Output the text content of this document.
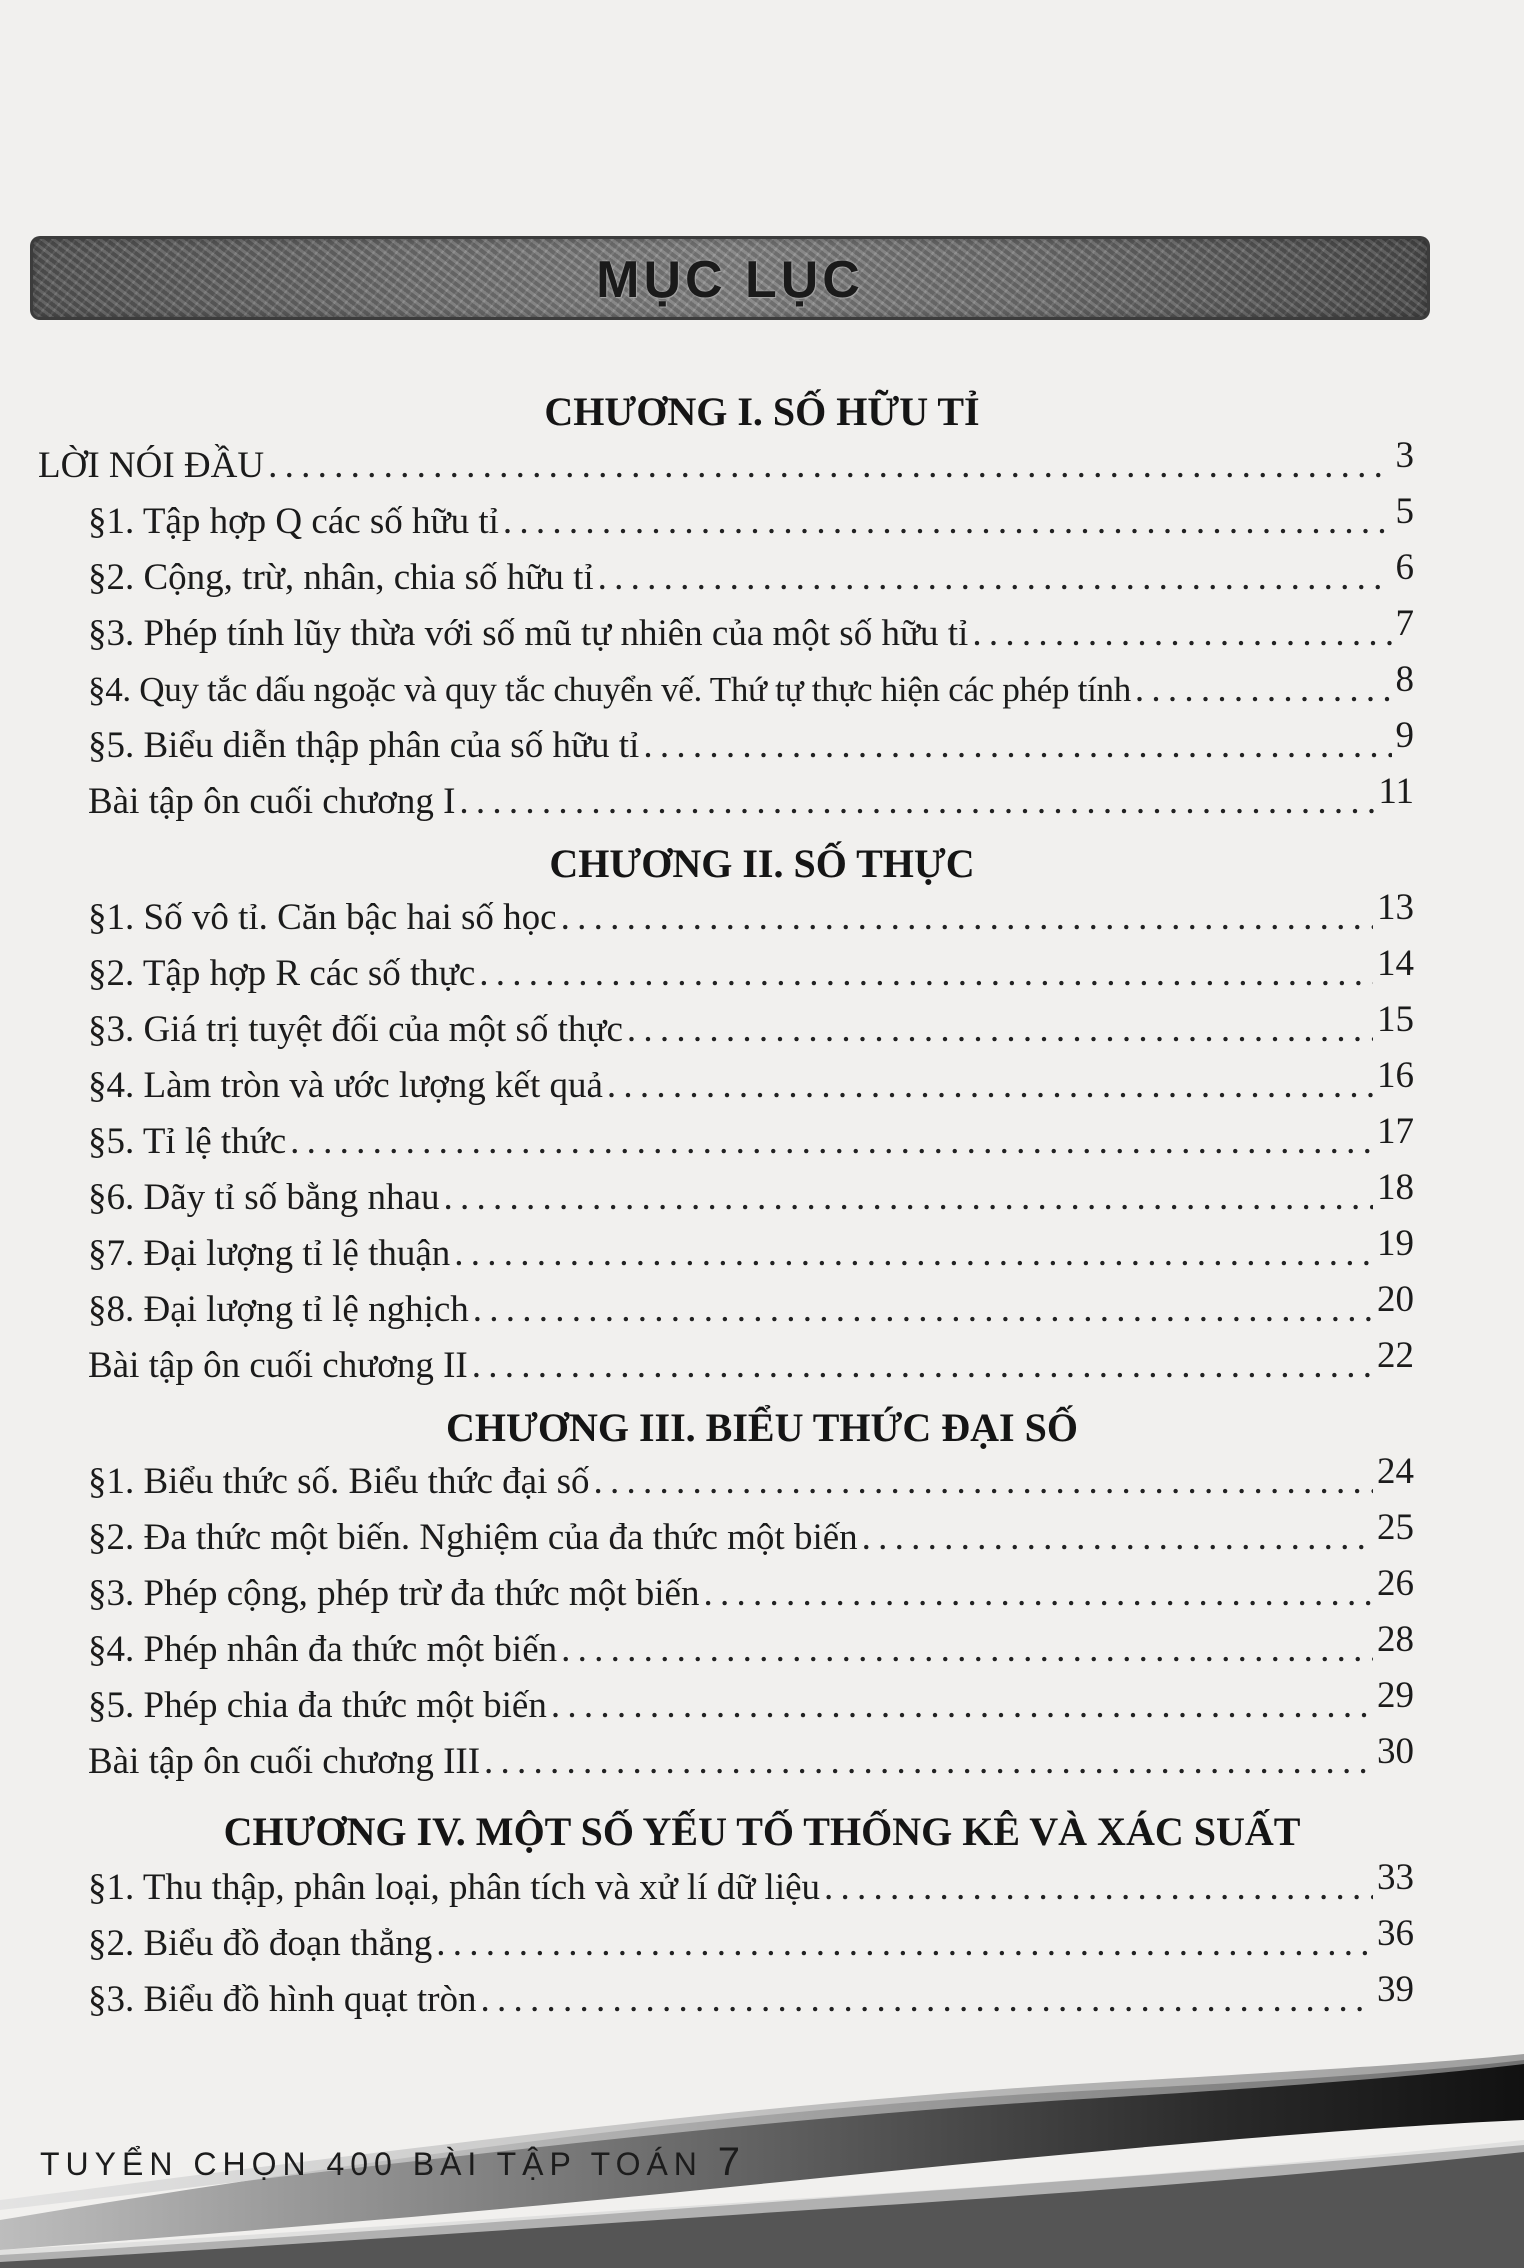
MỤC LỤC
CHƯƠNG I. SỐ HỮU TỈ
LỜI NÓI ĐẦU . . .	3
§1. Tập hợp Q các số hữu tỉ . . .	5
§2. Cộng, trừ, nhân, chia số hữu tỉ . . .	6
§3. Phép tính lũy thừa với số mũ tự nhiên của một số hữu tỉ . . .	7
§4. Quy tắc dấu ngoặc và quy tắc chuyển vế. Thứ tự thực hiện các phép tính . . .	8
§5. Biểu diễn thập phân của số hữu tỉ . . .	9
Bài tập ôn cuối chương I . . .	11
CHƯƠNG II. SỐ THỰC
§1. Số vô tỉ. Căn bậc hai số học . . .	13
§2. Tập hợp R các số thực . . .	14
§3. Giá trị tuyệt đối của một số thực . . .	15
§4. Làm tròn và ước lượng kết quả . . .	16
§5. Tỉ lệ thức . . .	17
§6. Dãy tỉ số bằng nhau . . .	18
§7. Đại lượng tỉ lệ thuận . . .	19
§8. Đại lượng tỉ lệ nghịch . . .	20
Bài tập ôn cuối chương II . . .	22
CHƯƠNG III. BIỂU THỨC ĐẠI SỐ
§1. Biểu thức số. Biểu thức đại số . . .	24
§2. Đa thức một biến. Nghiệm của đa thức một biến . . .	25
§3. Phép cộng, phép trừ đa thức một biến . . .	26
§4. Phép nhân đa thức một biến . . .	28
§5. Phép chia đa thức một biến . . .	29
Bài tập ôn cuối chương III . . .	30
CHƯƠNG IV. MỘT SỐ YẾU TỐ THỐNG KÊ VÀ XÁC SUẤT
§1. Thu thập, phân loại, phân tích và xử lí dữ liệu . . .	33
§2. Biểu đồ đoạn thẳng . . .	36
§3. Biểu đồ hình quạt tròn . . .	39
TUYỂN CHỌN 400 BÀI TẬP TOÁN 7
